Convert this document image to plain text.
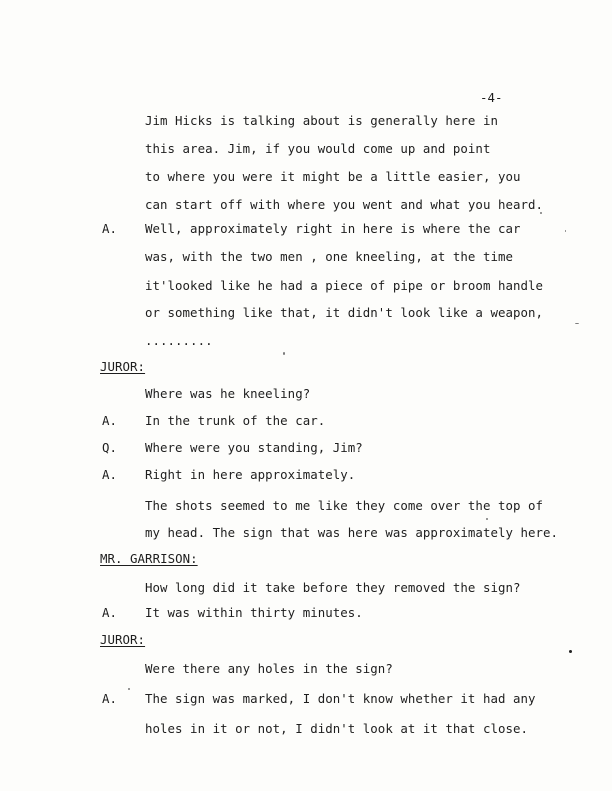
-4-
Jim Hicks is talking about is generally here in
this area. Jim, if you would come up and point
to where you were it might be a little easier, you
can start off with where you went and what you heard.
A. Well, approximately right in here is where the car
was, with the two men , one kneeling, at the time
it'looked like he had a piece of pipe or broom handle
or something like that, it didn't look like a weapon,
.........
JUROR:
Where was he kneeling?
A. In the trunk of the car.
Q. Where were you standing, Jim?
A. Right in here approximately.
The shots seemed to me like they come over the top of
my head. The sign that was here was approximately here.
MR. GARRISON:
How long did it take before they removed the sign?
A. It was within thirty minutes.
JUROR:
Were there any holes in the sign?
A. The sign was marked, I don't know whether it had any
holes in it or not, I didn't look at it that close.
